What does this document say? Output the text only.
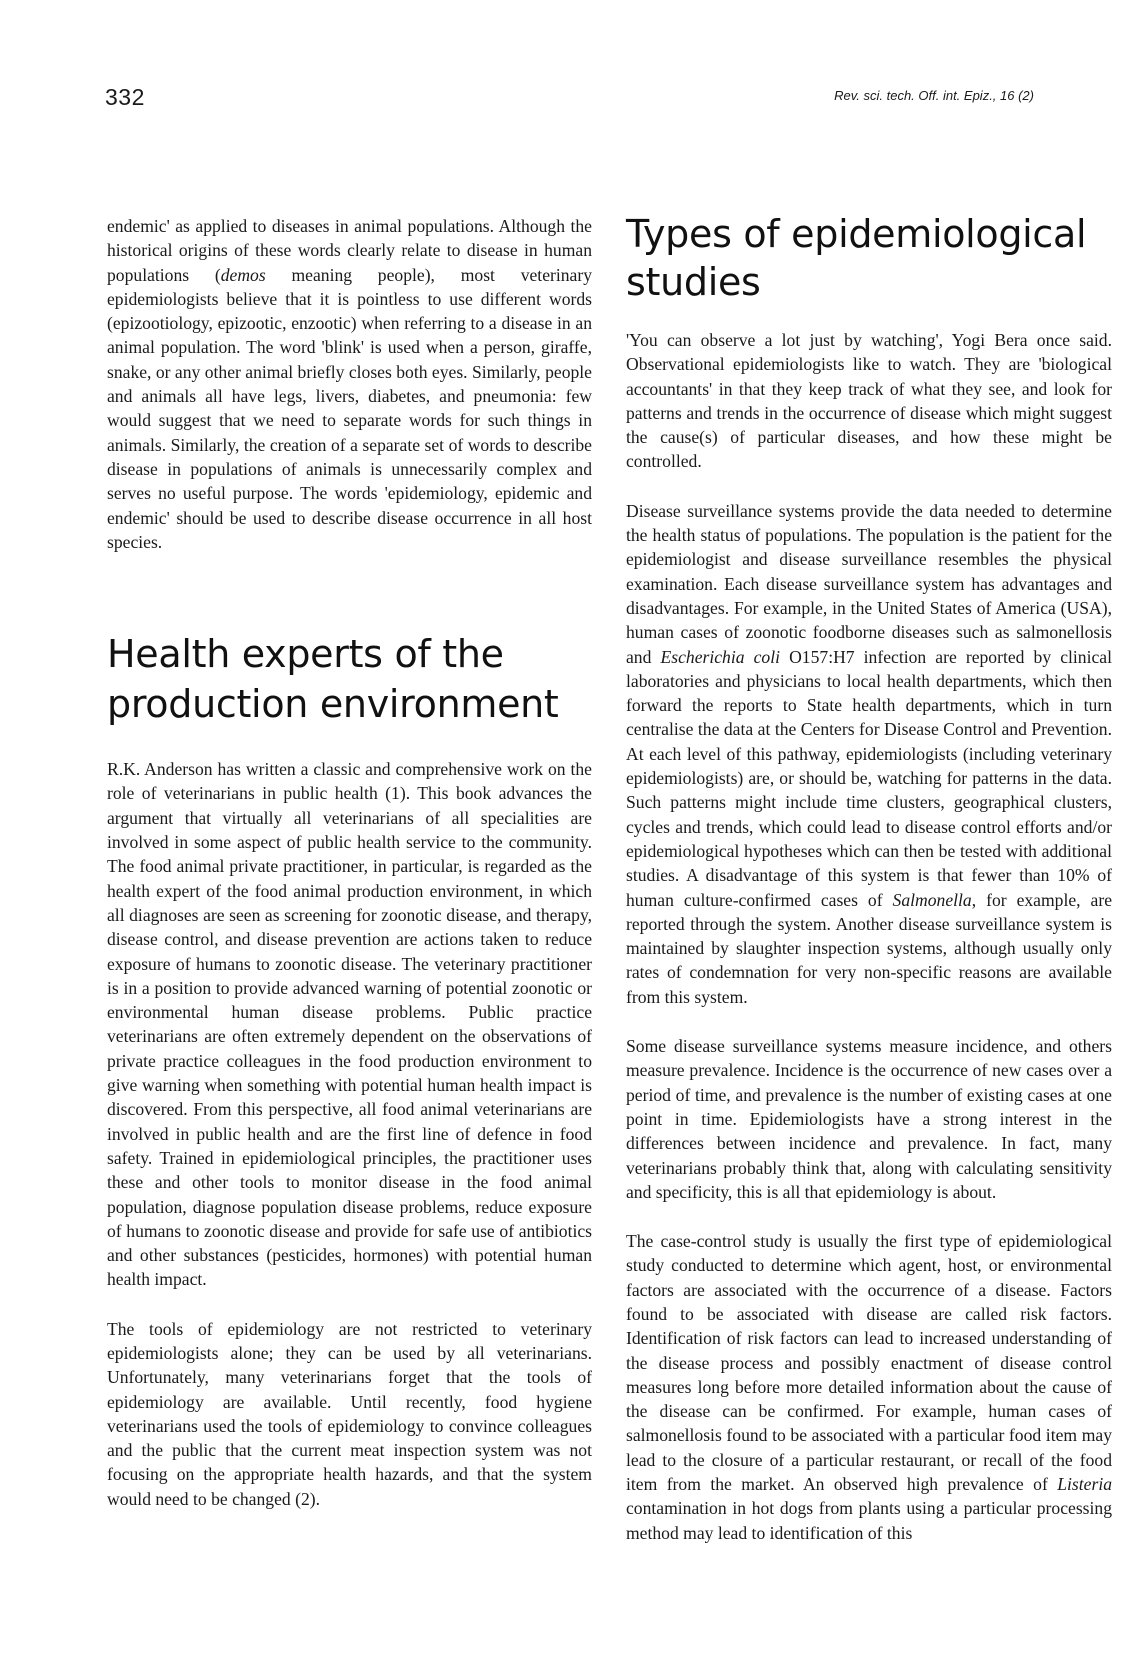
332	Rev. sci. tech. Off. int. Epiz., 16 (2)

endemic' as applied to diseases in animal populations. Although the historical origins of these words clearly relate to disease in human populations (demos meaning people), most veterinary epidemiologists believe that it is pointless to use different words (epizootiology, epizootic, enzootic) when referring to a disease in an animal population. The word 'blink' is used when a person, giraffe, snake, or any other animal briefly closes both eyes. Similarly, people and animals all have legs, livers, diabetes, and pneumonia: few would suggest that we need to separate words for such things in animals. Similarly, the creation of a separate set of words to describe disease in populations of animals is unnecessarily complex and serves no useful purpose. The words 'epidemiology, epidemic and endemic' should be used to describe disease occurrence in all host species.

Health experts of the production environment

R.K. Anderson has written a classic and comprehensive work on the role of veterinarians in public health (1). This book advances the argument that virtually all veterinarians of all specialities are involved in some aspect of public health service to the community. The food animal private practitioner, in particular, is regarded as the health expert of the food animal production environment, in which all diagnoses are seen as screening for zoonotic disease, and therapy, disease control, and disease prevention are actions taken to reduce exposure of humans to zoonotic disease. The veterinary practitioner is in a position to provide advanced warning of potential zoonotic or environmental human disease problems. Public practice veterinarians are often extremely dependent on the observations of private practice colleagues in the food production environment to give warning when something with potential human health impact is discovered. From this perspective, all food animal veterinarians are involved in public health and are the first line of defence in food safety. Trained in epidemiological principles, the practitioner uses these and other tools to monitor disease in the food animal population, diagnose population disease problems, reduce exposure of humans to zoonotic disease and provide for safe use of antibiotics and other substances (pesticides, hormones) with potential human health impact.

The tools of epidemiology are not restricted to veterinary epidemiologists alone; they can be used by all veterinarians. Unfortunately, many veterinarians forget that the tools of epidemiology are available. Until recently, food hygiene veterinarians used the tools of epidemiology to convince colleagues and the public that the current meat inspection system was not focusing on the appropriate health hazards, and that the system would need to be changed (2).

Types of epidemiological studies

'You can observe a lot just by watching', Yogi Bera once said. Observational epidemiologists like to watch. They are 'biological accountants' in that they keep track of what they see, and look for patterns and trends in the occurrence of disease which might suggest the cause(s) of particular diseases, and how these might be controlled.

Disease surveillance systems provide the data needed to determine the health status of populations. The population is the patient for the epidemiologist and disease surveillance resembles the physical examination. Each disease surveillance system has advantages and disadvantages. For example, in the United States of America (USA), human cases of zoonotic foodborne diseases such as salmonellosis and Escherichia coli O157:H7 infection are reported by clinical laboratories and physicians to local health departments, which then forward the reports to State health departments, which in turn centralise the data at the Centers for Disease Control and Prevention. At each level of this pathway, epidemiologists (including veterinary epidemiologists) are, or should be, watching for patterns in the data. Such patterns might include time clusters, geographical clusters, cycles and trends, which could lead to disease control efforts and/or epidemiological hypotheses which can then be tested with additional studies. A disadvantage of this system is that fewer than 10% of human culture-confirmed cases of Salmonella, for example, are reported through the system. Another disease surveillance system is maintained by slaughter inspection systems, although usually only rates of condemnation for very non-specific reasons are available from this system.

Some disease surveillance systems measure incidence, and others measure prevalence. Incidence is the occurrence of new cases over a period of time, and prevalence is the number of existing cases at one point in time. Epidemiologists have a strong interest in the differences between incidence and prevalence. In fact, many veterinarians probably think that, along with calculating sensitivity and specificity, this is all that epidemiology is about.

The case-control study is usually the first type of epidemiological study conducted to determine which agent, host, or environmental factors are associated with the occurrence of a disease. Factors found to be associated with disease are called risk factors. Identification of risk factors can lead to increased understanding of the disease process and possibly enactment of disease control measures long before more detailed information about the cause of the disease can be confirmed. For example, human cases of salmonellosis found to be associated with a particular food item may lead to the closure of a particular restaurant, or recall of the food item from the market. An observed high prevalence of Listeria contamination in hot dogs from plants using a particular processing method may lead to identification of this
